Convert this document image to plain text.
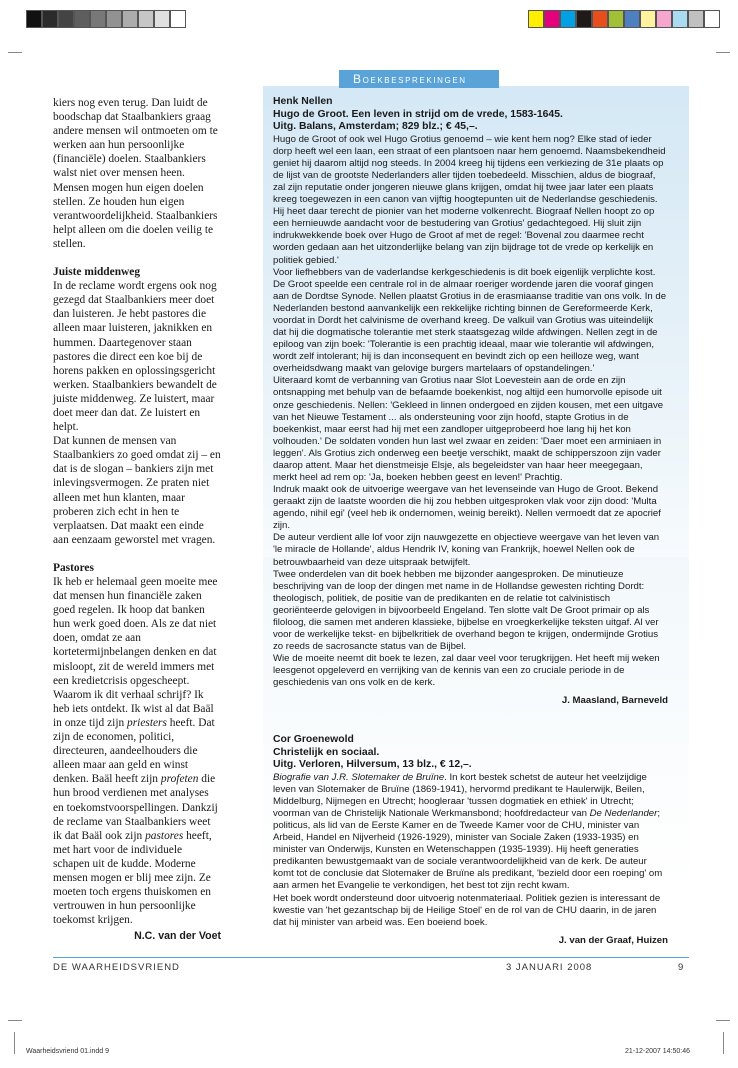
kiers nog even terug. Dan luidt de boodschap dat Staalbankiers graag andere mensen wil ontmoeten om te werken aan hun persoonlijke (financiële) doelen. Staalbankiers walst niet over mensen heen. Mensen mogen hun eigen doelen stellen. Ze houden hun eigen verantwoordelijkheid. Staalbankiers helpt alleen om die doelen veilig te stellen.

Juiste middenweg

In de reclame wordt ergens ook nog gezegd dat Staalbankiers meer doet dan luisteren. Je hebt pastores die alleen maar luisteren, jaknikken en hummen. Daartegenover staan pastores die direct een koe bij de horens pakken en oplossingsgericht werken. Staalbankiers bewandelt de juiste middenweg. Ze luistert, maar doet meer dan dat. Ze luistert en helpt.

Dat kunnen de mensen van Staalbankiers zo goed omdat zij – en dat is de slogan – bankiers zijn met inlevingsvermogen. Ze praten niet alleen met hun klanten, maar proberen zich echt in hen te verplaatsen. Dat maakt een einde aan eenzaam geworstel met vragen.

Pastores

Ik heb er helemaal geen moeite mee dat mensen hun financiële zaken goed regelen. Ik hoop dat banken hun werk goed doen. Als ze dat niet doen, omdat ze aan kortetermijnbelangen denken en dat misloopt, zit de wereld immers met een kredietcrisis opgescheept. Waarom ik dit verhaal schrijf? Ik heb iets ontdekt. Ik wist al dat Baäl in onze tijd zijn priesters heeft. Dat zijn de economen, politici, directeuren, aandeelhouders die alleen maar aan geld en winst denken. Baäl heeft zijn profeten die hun brood verdienen met analyses en toekomstvoorspellingen. Dankzij de reclame van Staalbankiers weet ik dat Baäl ook zijn pastores heeft, met hart voor de individuele schapen uit de kudde. Moderne mensen mogen er blij mee zijn. Ze moeten toch ergens thuiskomen en vertrouwen in hun persoonlijke toekomst krijgen.

N.C. van der Voet
Boekbesprekingen

Henk Nellen

Hugo de Groot. Een leven in strijd om de vrede, 1583-1645.

Uitg. Balans, Amsterdam; 829 blz.; € 45,–.

Hugo de Groot of ook wel Hugo Grotius genoemd – wie kent hem nog? Elke stad of ieder dorp heeft wel een laan, een straat of een plantsoen naar hem genoemd. Naamsbekendheid geniet hij daarom altijd nog steeds. In 2004 kreeg hij tijdens een verkiezing de 31e plaats op de lijst van de grootste Nederlanders aller tijden toebedeeld. Misschien, aldus de biograaf, zal zijn reputatie onder jongeren nieuwe glans krijgen, omdat hij twee jaar later een plaats kreeg toegewezen in een canon van vijftig hoogtepunten uit de Nederlandse geschiedenis. Hij heet daar terecht de pionier van het moderne volkenrecht. Biograaf Nellen hoopt zo op een hernieuwde aandacht voor de bestudering van Grotius' gedachtegoed. Hij sluit zijn indrukwekkende boek over Hugo de Groot af met de regel: 'Bovenal zou daarmee recht worden gedaan aan het uitzonderlijke belang van zijn bijdrage tot de vrede op kerkelijk en politiek gebied.'

Voor liefhebbers van de vaderlandse kerkgeschiedenis is dit boek eigenlijk verplichte kost. De Groot speelde een centrale rol in de almaar roeriger wordende jaren die vooraf gingen aan de Dordtse Synode. Nellen plaatst Grotius in de erasmiaanse traditie van ons volk. In de Nederlanden bestond aanvankelijk een rekkelijke richting binnen de Gereformeerde Kerk, voordat in Dordt het calvinisme de overhand kreeg. De valkuil van Grotius was uiteindelijk dat hij die dogmatische tolerantie met sterk staatsgezag wilde afdwingen. Nellen zegt in de epiloog van zijn boek: 'Tolerantie is een prachtig ideaal, maar wie tolerantie wil afdwingen, wordt zelf intolerant; hij is dan inconsequent en bevindt zich op een heilloze weg, want overheidsdwang maakt van gelovige burgers martelaars of opstandelingen.'

Uiteraard komt de verbanning van Grotius naar Slot Loevestein aan de orde en zijn ontsnapping met behulp van de befaamde boekenkist, nog altijd een humorvolle episode uit onze geschiedenis. Nellen: 'Gekleed in linnen ondergoed en zijden kousen, met een uitgave van het Nieuwe Testament ... als ondersteuning voor zijn hoofd, stapte Grotius in de boekenkist, maar eerst had hij met een zandloper uitgeprobeerd hoe lang hij het kon volhouden.' De soldaten vonden hun last wel zwaar en zeiden: 'Daer moet een arminiaen in leggen'. Als Grotius zich onderweg een beetje verschikt, maakt de schipperszoon zijn vader daarop attent. Maar het dienstmeisje Elsje, als begeleidster van haar heer meegegaan, merkt heel ad rem op: 'Ja, boeken hebben geest en leven!' Prachtig.

Indruk maakt ook de uitvoerige weergave van het levenseinde van Hugo de Groot. Bekend geraakt zijn de laatste woorden die hij zou hebben uitgesproken vlak voor zijn dood: 'Multa agendo, nihil egi' (veel heb ik ondernomen, weinig bereikt). Nellen vermoedt dat ze apocrief zijn.

De auteur verdient alle lof voor zijn nauwgezette en objectieve weergave van het leven van 'le miracle de Hollande', aldus Hendrik IV, koning van Frankrijk, hoewel Nellen ook de betrouwbaarheid van deze uitspraak betwijfelt.

Twee onderdelen van dit boek hebben me bijzonder aangesproken. De minutieuze beschrijving van de loop der dingen met name in de Hollandse gewesten richting Dordt: theologisch, politiek, de positie van de predikanten en de relatie tot calvinistisch georiënteerde gelovigen in bijvoorbeeld Engeland. Ten slotte valt De Groot primair op als filoloog, die samen met anderen klassieke, bijbelse en vroegkerkelijke teksten uitgaf. Al ver voor de werkelijke tekst- en bijbelkritiek de overhand begon te krijgen, ondermijnde Grotius zo reeds de sacrosancte status van de Bijbel.

Wie de moeite neemt dit boek te lezen, zal daar veel voor terugkrijgen. Het heeft mij weken leesgenot opgeleverd en verrijking van de kennis van een zo cruciale periode in de geschiedenis van ons volk en de kerk.

J. Maasland, Barneveld

Cor Groenewold

Christelijk en sociaal.

Uitg. Verloren, Hilversum, 13 blz., € 12,–.

Biografie van J.R. Slotemaker de Bruïne. In kort bestek schetst de auteur het veelzijdige leven van Slotemaker de Bruïne (1869-1941), hervormd predikant te Haulerwijk, Beilen, Middelburg, Nijmegen en Utrecht; hoogleraar 'tussen dogmatiek en ethiek' in Utrecht; voorman van de Christelijk Nationale Werkmansbond; hoofdredacteur van De Nederlander; politicus, als lid van de Eerste Kamer en de Tweede Kamer voor de CHU, minister van Arbeid, Handel en Nijverheid (1926-1929), minister van Sociale Zaken (1933-1935) en minister van Onderwijs, Kunsten en Wetenschappen (1935-1939). Hij heeft generaties predikanten bewustgemaakt van de sociale verantwoordelijkheid van de kerk. De auteur komt tot de conclusie dat Slotemaker de Bruïne als predikant, 'bezield door een roeping' om aan armen het Evangelie te verkondigen, het best tot zijn recht kwam.

Het boek wordt ondersteund door uitvoerig notenmateriaal. Politiek gezien is interessant de kwestie van 'het gezantschap bij de Heilige Stoel' en de rol van de CHU daarin, in de jaren dat hij minister van arbeid was. Een boeiend boek.

J. van der Graaf, Huizen

DE WAARHEIDSVRIEND	3 JANUARI 2008	9
Waarheidsvriend 01.indd 9	21-12-2007 14:50:46
